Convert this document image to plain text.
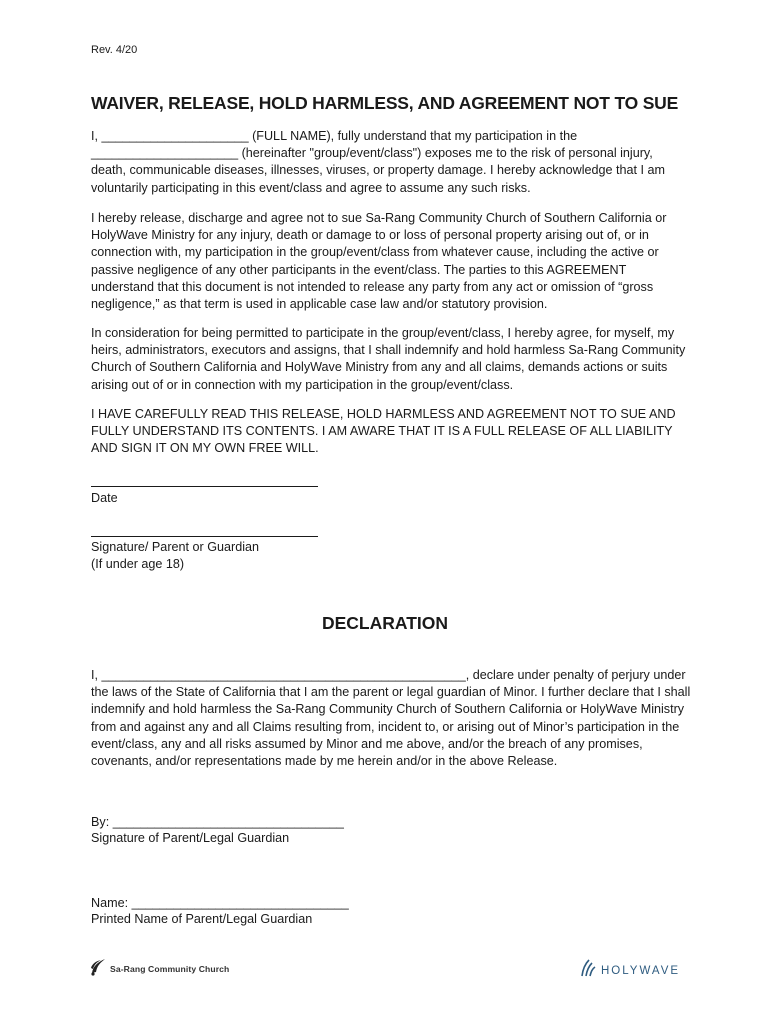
Rev. 4/20
WAIVER, RELEASE, HOLD HARMLESS, AND AGREEMENT NOT TO SUE

I, _____________________ (FULL NAME), fully understand that my participation in the _____________________ (hereinafter "group/event/class") exposes me to the risk of personal injury, death, communicable diseases, illnesses, viruses, or property damage. I hereby acknowledge that I am voluntarily participating in this event/class and agree to assume any such risks.

I hereby release, discharge and agree not to sue Sa-Rang Community Church of Southern California or HolyWave Ministry for any injury, death or damage to or loss of personal property arising out of, or in connection with, my participation in the group/event/class from whatever cause, including the active or passive negligence of any other participants in the event/class. The parties to this AGREEMENT understand that this document is not intended to release any party from any act or omission of “gross negligence,” as that term is used in applicable case law and/or statutory provision.

In consideration for being permitted to participate in the group/event/class, I hereby agree, for myself, my heirs, administrators, executors and assigns, that I shall indemnify and hold harmless Sa-Rang Community Church of Southern California and HolyWave Ministry from any and all claims, demands actions or suits arising out of or in connection with my participation in the group/event/class.

I HAVE CAREFULLY READ THIS RELEASE, HOLD HARMLESS AND AGREEMENT NOT TO SUE AND FULLY UNDERSTAND ITS CONTENTS. I AM AWARE THAT IT IS A FULL RELEASE OF ALL LIABILITY AND SIGN IT ON MY OWN FREE WILL.

Date
Signature/ Parent or Guardian
(If under age 18)
DECLARATION

I, ____________________________________________________, declare under penalty of perjury under the laws of the State of California that I am the parent or legal guardian of Minor. I further declare that I shall indemnify and hold harmless the Sa-Rang Community Church of Southern California or HolyWave Ministry from and against any and all Claims resulting from, incident to, or arising out of Minor’s participation in the event/class, any and all risks assumed by Minor and me above, and/or the breach of any promises, covenants, and/or representations made by me herein and/or in the above Release.

By: _________________________________
Signature of Parent/Legal Guardian
Name: _______________________________
Printed Name of Parent/Legal Guardian
Sa-Rang Community Church	HOLYWAVE
